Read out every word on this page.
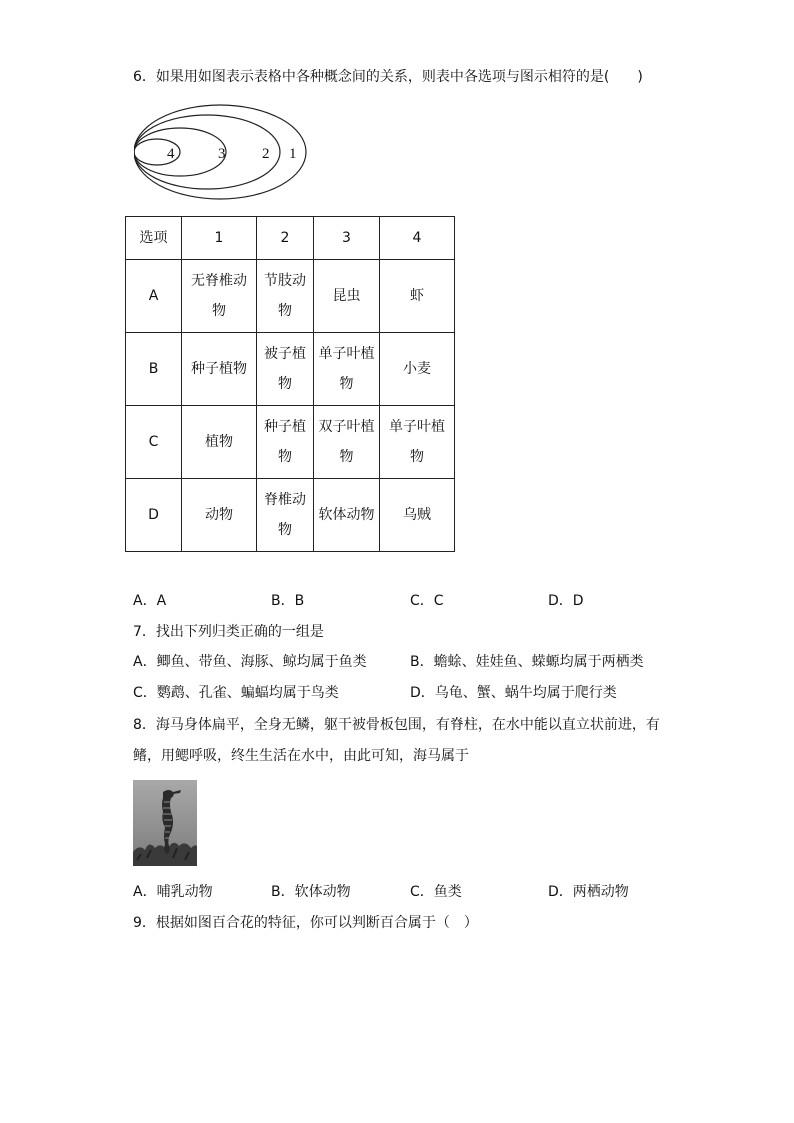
6．如果用如图表示表格中各种概念间的关系，则表中各选项与图示相符的是(　　)
4	3 2 1
选项	1	2	3	4
A	无脊椎动物	节肢动物	昆虫	虾
B	种子植物	被子植物	单子叶植物	小麦
C	植物	种子植物	双子叶植物	单子叶植物
D	动物	脊椎动物	软体动物	乌贼
A．A	B．B	C．C	D．D
7．找出下列归类正确的一组是
A．鲫鱼、带鱼、海豚、鲸均属于鱼类	B．蟾蜍、娃娃鱼、蝾螈均属于两栖类
C．鹦鹉、孔雀、蝙蝠均属于鸟类	D．乌龟、蟹、蜗牛均属于爬行类
8．海马身体扁平，全身无鳞，躯干被骨板包围，有脊柱，在水中能以直立状前进，有
鳍，用鳃呼吸，终生生活在水中，由此可知，海马属于
A．哺乳动物	B．软体动物	C．鱼类	D．两栖动物
9．根据如图百合花的特征，你可以判断百合属于（　）
